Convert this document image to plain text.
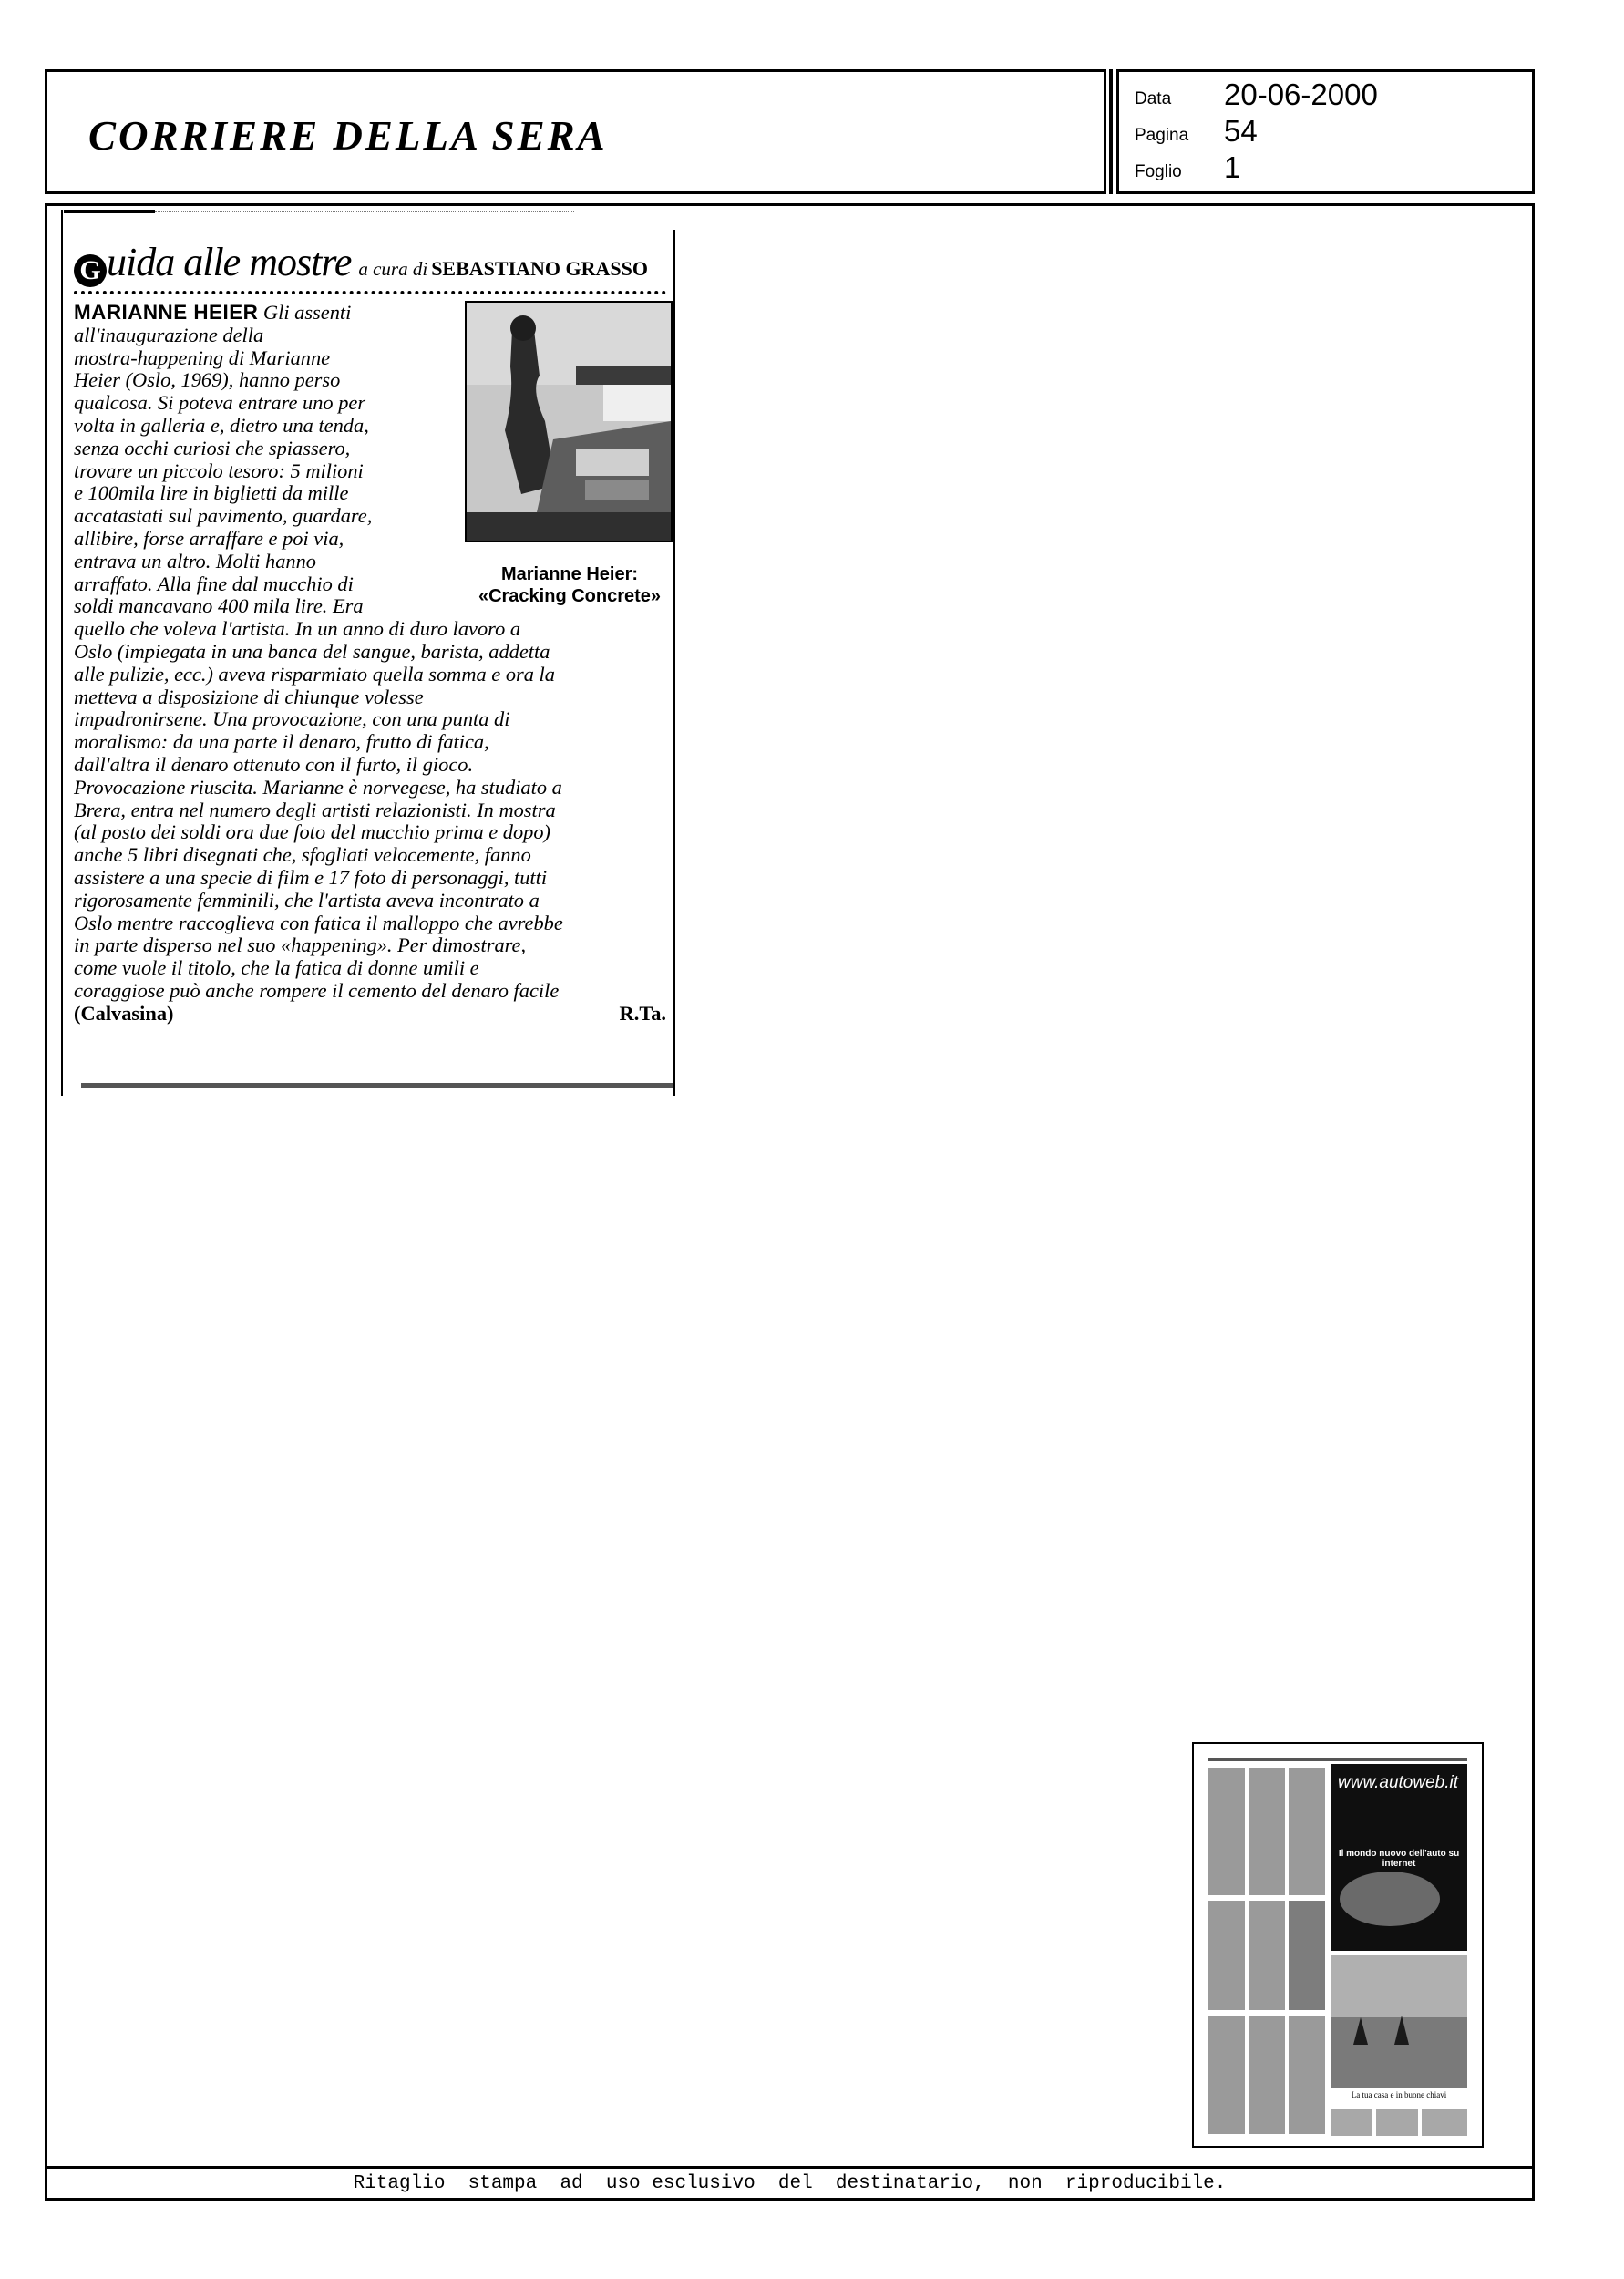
CORRIERE DELLA SERA
Data 20-06-2000
Pagina 54
Foglio 1
Ritaglio  stampa  ad  uso esclusivo  del  destinatario,  non  riproducibile.
G uida alle mostre a cura di SEBASTIANO GRASSO
Marianne Heier:
«Cracking Concrete»
MARIANNE HEIER Gli assenti
all'inaugurazione della
mostra-happening di Marianne
Heier (Oslo, 1969), hanno perso
qualcosa. Si poteva entrare uno per
volta in galleria e, dietro una tenda,
senza occhi curiosi che spiassero,
trovare un piccolo tesoro: 5 milioni
e 100mila lire in biglietti da mille
accatastati sul pavimento, guardare,
allibire, forse arraffare e poi via,
entrava un altro. Molti hanno
arraffato. Alla fine dal mucchio di
soldi mancavano 400 mila lire. Era
quello che voleva l'artista. In un anno di duro lavoro a
Oslo (impiegata in una banca del sangue, barista, addetta
alle pulizie, ecc.) aveva risparmiato quella somma e ora la
metteva a disposizione di chiunque volesse
impadronirsene. Una provocazione, con una punta di
moralismo: da una parte il denaro, frutto di fatica,
dall'altra il denaro ottenuto con il furto, il gioco.
Provocazione riuscita. Marianne è norvegese, ha studiato a
Brera, entra nel numero degli artisti relazionisti. In mostra
(al posto dei soldi ora due foto del mucchio prima e dopo)
anche 5 libri disegnati che, sfogliati velocemente, fanno
assistere a una specie di film e 17 foto di personaggi, tutti
rigorosamente femminili, che l'artista aveva incontrato a
Oslo mentre raccoglieva con fatica il malloppo che avrebbe
in parte disperso nel suo «happening». Per dimostrare,
come vuole il titolo, che la fatica di donne umili e
coraggiose può anche rompere il cemento del denaro facile
(Calvasina)	R.Ta.
www.autoweb.it
Il mondo nuovo dell'auto su internet
La tua casa e in buone chiavi
